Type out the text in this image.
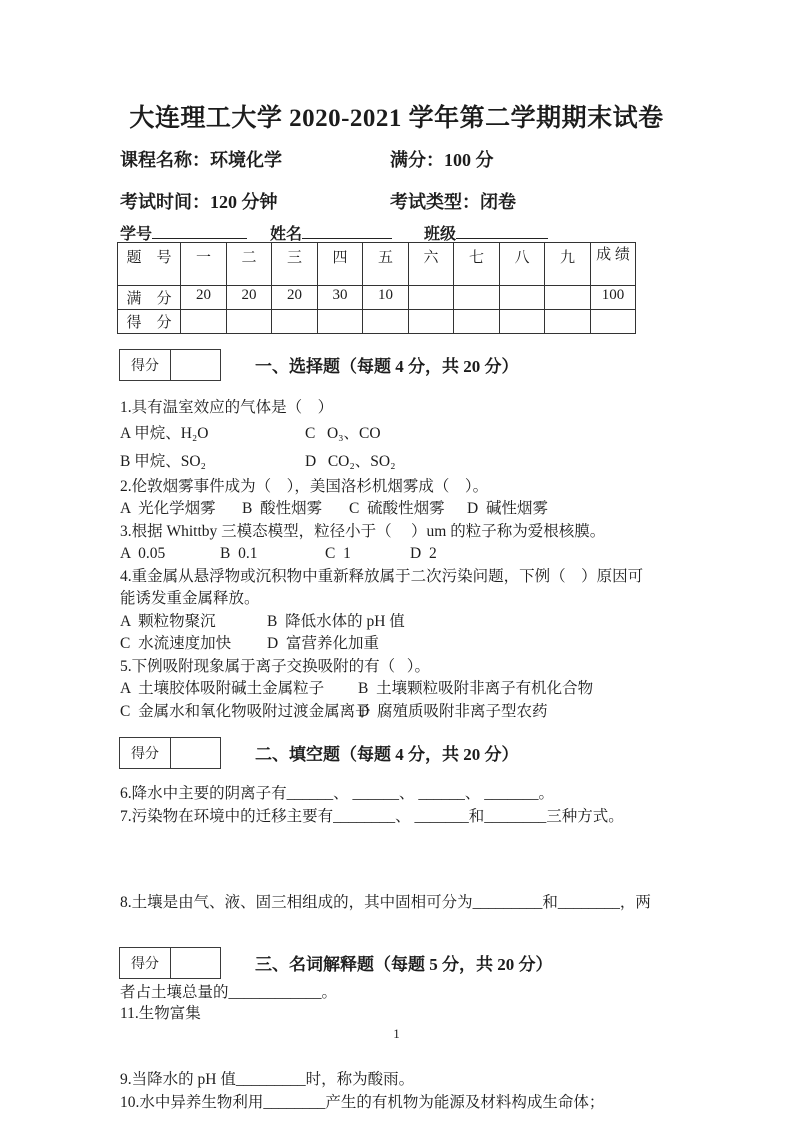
大连理工大学 2020-2021 学年第二学期期末试卷
课程名称：环境化学	满分：100 分
考试时间：120 分钟	考试类型：闭卷
学号	姓名	班级
题　号	一	二	三	四	五	六	七	八	九	成 绩
满　分	20	20	20	30	10					100
得　分										
得分	一、选择题（每题 4 分，共 20 分）
1.具有温室效应的气体是（    ）
A 甲烷、H₂O	C   O₃、CO
B 甲烷、SO₂	D   CO₂、SO₂
2.伦敦烟雾事件成为（    ），美国洛杉机烟雾成（    ）。
A  光化学烟雾 B  酸性烟雾 C  硫酸性烟雾 D  碱性烟雾
3.根据 Whittby 三模态模型，粒径小于（     ）um 的粒子称为爱根核膜。
A  0.05	B  0.1	C  1	D  2
4.重金属从悬浮物或沉积物中重新释放属于二次污染问题，下例（    ）原因可
能诱发重金属释放。
A  颗粒物聚沉	B  降低水体的 pH 值
C  水流速度加快 D  富营养化加重
5.下例吸附现象属于离子交换吸附的有（   ）。
A  土壤胶体吸附碱土金属粒子 B  土壤颗粒吸附非离子有机化合物
C  金属水和氧化物吸附过渡金属离子D  腐殖质吸附非离子型农药
得分	二、填空题（每题 4 分，共 20 分）
6.降水中主要的阴离子有______、 ______、 ______、 _______。
7.污染物在环境中的迁移主要有________、 _______和________三种方式。

8.土壤是由气、液、固三相组成的，其中固相可分为_________和________，两

者占土壤总量的____________。

9.当降水的 pH 值_________时，称为酸雨。
10.水中异养生物利用________产生的有机物为能源及材料构成生命体；
得分	三、名词解释题（每题 5 分，共 20 分）
11.生物富集
1
